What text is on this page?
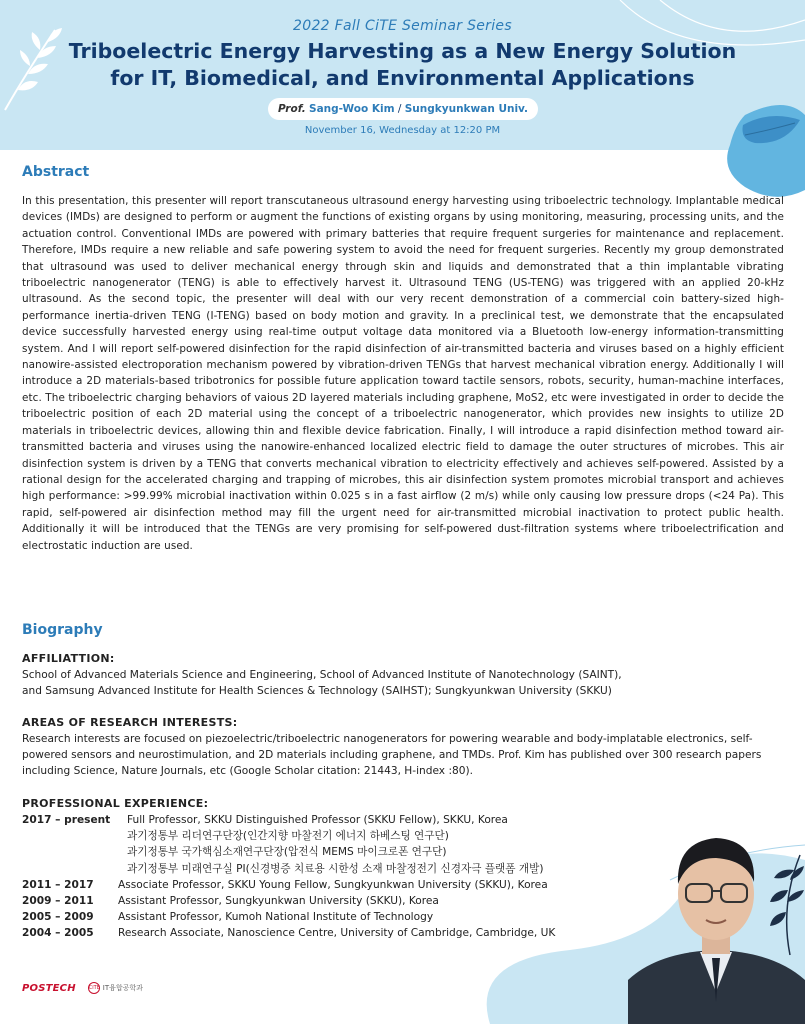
2022 Fall CiTE Seminar Series
Triboelectric Energy Harvesting as a New Energy Solution
for IT, Biomedical, and Environmental Applications
Prof. Sang-Woo Kim / Sungkyunkwan Univ.
November 16, Wednesday at 12:20 PM
Abstract

In this presentation, this presenter will report transcutaneous ultrasound energy harvesting using triboelectric technology. Implantable medical devices (IMDs) are designed to perform or augment the functions of existing organs by using monitoring, measuring, processing units, and the actuation control. Conventional IMDs are powered with primary batteries that require frequent surgeries for maintenance and replacement. Therefore, IMDs require a new reliable and safe powering system to avoid the need for frequent surgeries. Recently my group demonstrated that ultrasound was used to deliver mechanical energy through skin and liquids and demonstrated that a thin implantable vibrating triboelectric nanogenerator (TENG) is able to effectively harvest it. Ultrasound TENG (US-TENG) was triggered with an applied 20-kHz ultrasound. As the second topic, the presenter will deal with our very recent demonstration of a commercial coin battery-sized high-performance inertia-driven TENG (I-TENG) based on body motion and gravity. In a preclinical test, we demonstrate that the encapsulated device successfully harvested energy using real-time output voltage data monitored via a Bluetooth low-energy information-transmitting system. And I will report self-powered disinfection for the rapid disinfection of air-transmitted bacteria and viruses based on a highly efficient nanowire-assisted electroporation mechanism powered by vibration-driven TENGs that harvest mechanical vibration energy. Additionally I will introduce a 2D materials-based tribotronics for possible future application toward tactile sensors, robots, security, human-machine interfaces, etc. The triboelectric charging behaviors of vaious 2D layered materials including graphene, MoS2, etc were investigated in order to decide the triboelectric position of each 2D material using the concept of a triboelectric nanogenerator, which provides new insights to utilize 2D materials in triboelectric devices, allowing thin and flexible device fabrication. Finally, I will introduce a rapid disinfection method toward air-transmitted bacteria and viruses using the nanowire-enhanced localized electric field to damage the outer structures of microbes. This air disinfection system is driven by a TENG that converts mechanical vibration to electricity effectively and achieves self-powered. Assisted by a rational design for the accelerated charging and trapping of microbes, this air disinfection system promotes microbial transport and achieves high performance: >99.99% microbial inactivation within 0.025 s in a fast airflow (2 m/s) while only causing low pressure drops (<24 Pa). This rapid, self-powered air disinfection method may fill the urgent need for air-transmitted microbial inactivation to protect public health. Additionally it will be introduced that the TENGs are very promising for self-powered dust-filtration systems where triboelectrification and electrostatic induction are used.

Biography
AFFILIATTION:

School of Advanced Materials Science and Engineering, School of Advanced Institute of Nanotechnology (SAINT),
and Samsung Advanced Institute for Health Sciences & Technology (SAIHST); Sungkyunkwan University (SKKU)

AREAS OF RESEARCH INTERESTS:

Research interests are focused on piezoelectric/triboelectric nanogenerators for powering wearable and body-implatable electronics, self-powered sensors and neurostimulation, and 2D materials including graphene, and TMDs. Prof. Kim has published over 300 research papers including Science, Nature Journals, etc (Google Scholar citation: 21443, H-index :80).

PROFESSIONAL EXPERIENCE:
2017 – present	Full Professor, SKKU Distinguished Professor (SKKU Fellow), SKKU, Korea
과기정통부 리더연구단장(인간지향 마찰전기 에너지 하베스팅 연구단)
과기정통부 국가핵심소재연구단장(압전식 MEMS 마이크로폰 연구단)
과기정통부 미래연구실 PI(신경병증 치료용 시한성 소재 마찰정전기 신경자극 플랫폼 개발)
2011 – 2017	Associate Professor, SKKU Young Fellow, Sungkyunkwan University (SKKU), Korea
2009 – 2011	Assistant Professor, Sungkyunkwan University (SKKU), Korea
2005 – 2009	Assistant Professor, Kumoh National Institute of Technology
2004 – 2005	Research Associate, Nanoscience Centre, University of Cambridge, Cambridge, UK
POSTECH	CiTE IT융합공학과
